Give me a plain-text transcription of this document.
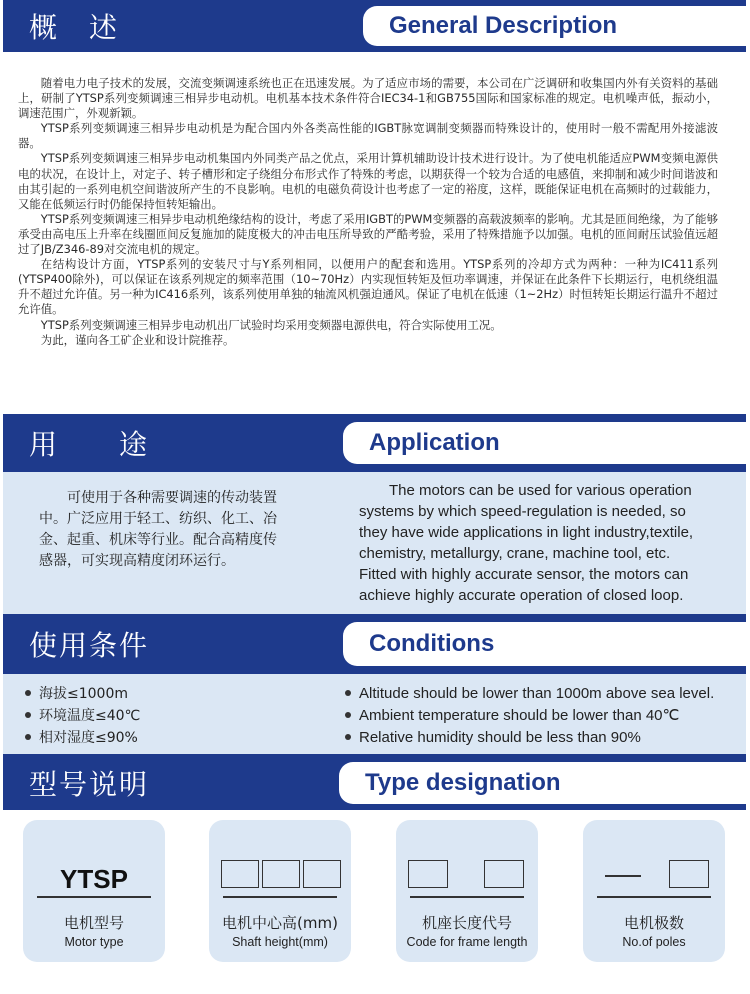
概　述	General Description

随着电力电子技术的发展，交流变频调速系统也正在迅速发展。为了适应市场的需要，本公司在广泛调研和收集国内外有关资料的基础上，研制了YTSP系列变频调速三相异步电动机。电机基本技术条件符合IEC34-1和GB755国际和国家标准的规定。电机噪声低，振动小，调速范围广，外观新颖。

YTSP系列变频调速三相异步电动机是为配合国内外各类高性能的IGBT脉宽调制变频器而特殊设计的，使用时一般不需配用外接滤波器。

YTSP系列变频调速三相异步电动机集国内外同类产品之优点，采用计算机辅助设计技术进行设计。为了使电机能适应PWM变频电源供电的状况，在设计上，对定子、转子槽形和定子绕组分布形式作了特殊的考虑，以期获得一个较为合适的电感值，来抑制和减少时间谐波和由其引起的一系列电机空间谐波所产生的不良影响。电机的电磁负荷设计也考虑了一定的裕度，这样，既能保证电机在高频时的过载能力，又能在低频运行时仍能保持恒转矩输出。

YTSP系列变频调速三相异步电动机绝缘结构的设计，考虑了采用IGBT的PWM变频器的高载波频率的影响。尤其是匝间绝缘，为了能够承受由高电压上升率在线圈匝间反复施加的陡度极大的冲击电压所导致的严酷考验，采用了特殊措施予以加强。电机的匝间耐压试验值远超过了JB/Z346-89对交流电机的规定。

在结构设计方面，YTSP系列的安装尺寸与Y系列相同，以便用户的配套和选用。YTSP系列的冷却方式为两种：一种为IC411系列(YTSP400除外)，可以保证在该系列规定的频率范围（10~70Hz）内实现恒转矩及恒功率调速，并保证在此条件下长期运行，电机绕组温升不超过允许值。另一种为IC416系列，该系列使用单独的轴流风机强迫通风。保证了电机在低速（1~2Hz）时恒转矩长期运行温升不超过允许值。

YTSP系列变频调速三相异步电动机出厂试验时均采用变频器电源供电，符合实际使用工况。

为此，谨向各工矿企业和设计院推荐。

用　　途	Application
　　可使用于各种需要调速的传动装置
中。广泛应用于轻工、纺织、化工、冶
金、起重、机床等行业。配合高精度传
感器，可实现高精度闭环运行。
　　The motors can be used for various operation
systems by which speed-regulation is needed, so
they have wide applications in light industry,textile,
chemistry, metallurgy, crane, machine tool, etc.
Fitted with highly accurate sensor, the motors can
achieve highly accurate operation of closed loop.
使用条件	Conditions
海拔≤1000m
环境温度≤40℃
相对湿度≤90%
Altitude should be lower than 1000m above sea level.
Ambient temperature should be lower than 40℃
Relative humidity should be less than 90%
型号说明	Type designation
YTSP
电机型号
Motor type
电机中心高(mm)
Shaft height(mm)
机座长度代号
Code for frame length
电机极数
No.of poles
